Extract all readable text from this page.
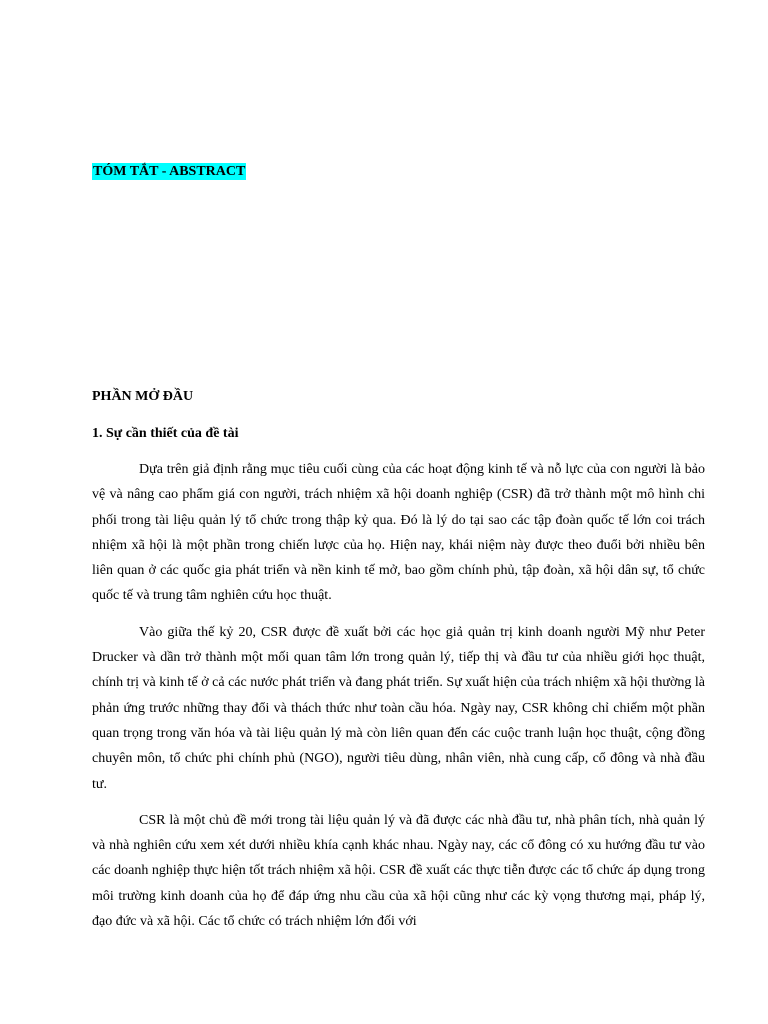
TÓM TẮT - ABSTRACT
PHẦN MỞ ĐẦU
1. Sự cần thiết của đề tài

Dựa trên giả định rằng mục tiêu cuối cùng của các hoạt động kinh tế và nỗ lực của con người là bảo vệ và nâng cao phẩm giá con người, trách nhiệm xã hội doanh nghiệp (CSR) đã trở thành một mô hình chi phối trong tài liệu quản lý tổ chức trong thập kỷ qua. Đó là lý do tại sao các tập đoàn quốc tế lớn coi trách nhiệm xã hội là một phần trong chiến lược của họ. Hiện nay, khái niệm này được theo đuổi bởi nhiều bên liên quan ở các quốc gia phát triển và nền kinh tế mở, bao gồm chính phủ, tập đoàn, xã hội dân sự, tổ chức quốc tế và trung tâm nghiên cứu học thuật.

Vào giữa thế kỷ 20, CSR được đề xuất bởi các học giả quản trị kinh doanh người Mỹ như Peter Drucker và dần trở thành một mối quan tâm lớn trong quản lý, tiếp thị và đầu tư của nhiều giới học thuật, chính trị và kinh tế ở cả các nước phát triển và đang phát triển. Sự xuất hiện của trách nhiệm xã hội thường là phản ứng trước những thay đổi và thách thức như toàn cầu hóa. Ngày nay, CSR không chỉ chiếm một phần quan trọng trong văn hóa và tài liệu quản lý mà còn liên quan đến các cuộc tranh luận học thuật, cộng đồng chuyên môn, tổ chức phi chính phủ (NGO), người tiêu dùng, nhân viên, nhà cung cấp, cổ đông và nhà đầu tư.

CSR là một chủ đề mới trong tài liệu quản lý và đã được các nhà đầu tư, nhà phân tích, nhà quản lý và nhà nghiên cứu xem xét dưới nhiều khía cạnh khác nhau. Ngày nay, các cổ đông có xu hướng đầu tư vào các doanh nghiệp thực hiện tốt trách nhiệm xã hội. CSR đề xuất các thực tiễn được các tổ chức áp dụng trong môi trường kinh doanh của họ để đáp ứng nhu cầu của xã hội cũng như các kỳ vọng thương mại, pháp lý, đạo đức và xã hội. Các tổ chức có trách nhiệm lớn đối với
